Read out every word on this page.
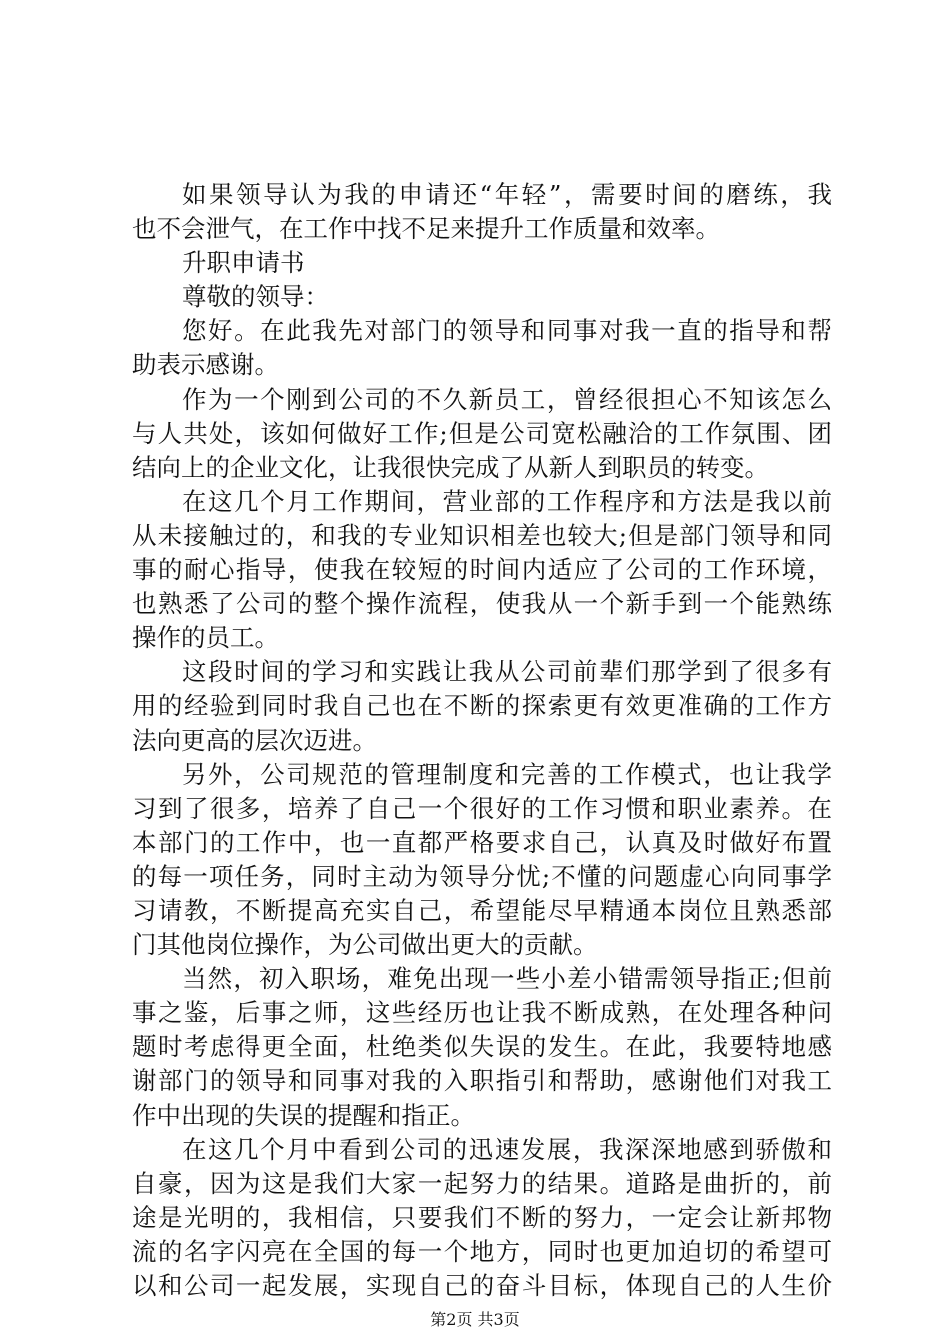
如果领导认为我的申请还“年轻”，需要时间的磨练，我
也不会泄气，在工作中找不足来提升工作质量和效率。
升职申请书
尊敬的领导：
您好。在此我先对部门的领导和同事对我一直的指导和帮
助表示感谢。
作为一个刚到公司的不久新员工，曾经很担心不知该怎么
与人共处，该如何做好工作;但是公司宽松融洽的工作氛围、团
结向上的企业文化，让我很快完成了从新人到职员的转变。
在这几个月工作期间，营业部的工作程序和方法是我以前
从未接触过的，和我的专业知识相差也较大;但是部门领导和同
事的耐心指导，使我在较短的时间内适应了公司的工作环境，
也熟悉了公司的整个操作流程，使我从一个新手到一个能熟练
操作的员工。
这段时间的学习和实践让我从公司前辈们那学到了很多有
用的经验到同时我自己也在不断的探索更有效更准确的工作方
法向更高的层次迈进。
另外，公司规范的管理制度和完善的工作模式，也让我学
习到了很多，培养了自己一个很好的工作习惯和职业素养。在
本部门的工作中，也一直都严格要求自己，认真及时做好布置
的每一项任务，同时主动为领导分忧;不懂的问题虚心向同事学
习请教，不断提高充实自己，希望能尽早精通本岗位且熟悉部
门其他岗位操作，为公司做出更大的贡献。
当然，初入职场，难免出现一些小差小错需领导指正;但前
事之鉴，后事之师，这些经历也让我不断成熟，在处理各种问
题时考虑得更全面，杜绝类似失误的发生。在此，我要特地感
谢部门的领导和同事对我的入职指引和帮助，感谢他们对我工
作中出现的失误的提醒和指正。
在这几个月中看到公司的迅速发展，我深深地感到骄傲和
自豪，因为这是我们大家一起努力的结果。道路是曲折的，前
途是光明的，我相信，只要我们不断的努力，一定会让新邦物
流的名字闪亮在全国的每一个地方，同时也更加迫切的希望可
以和公司一起发展，实现自己的奋斗目标，体现自己的人生价
第2页 共3页
